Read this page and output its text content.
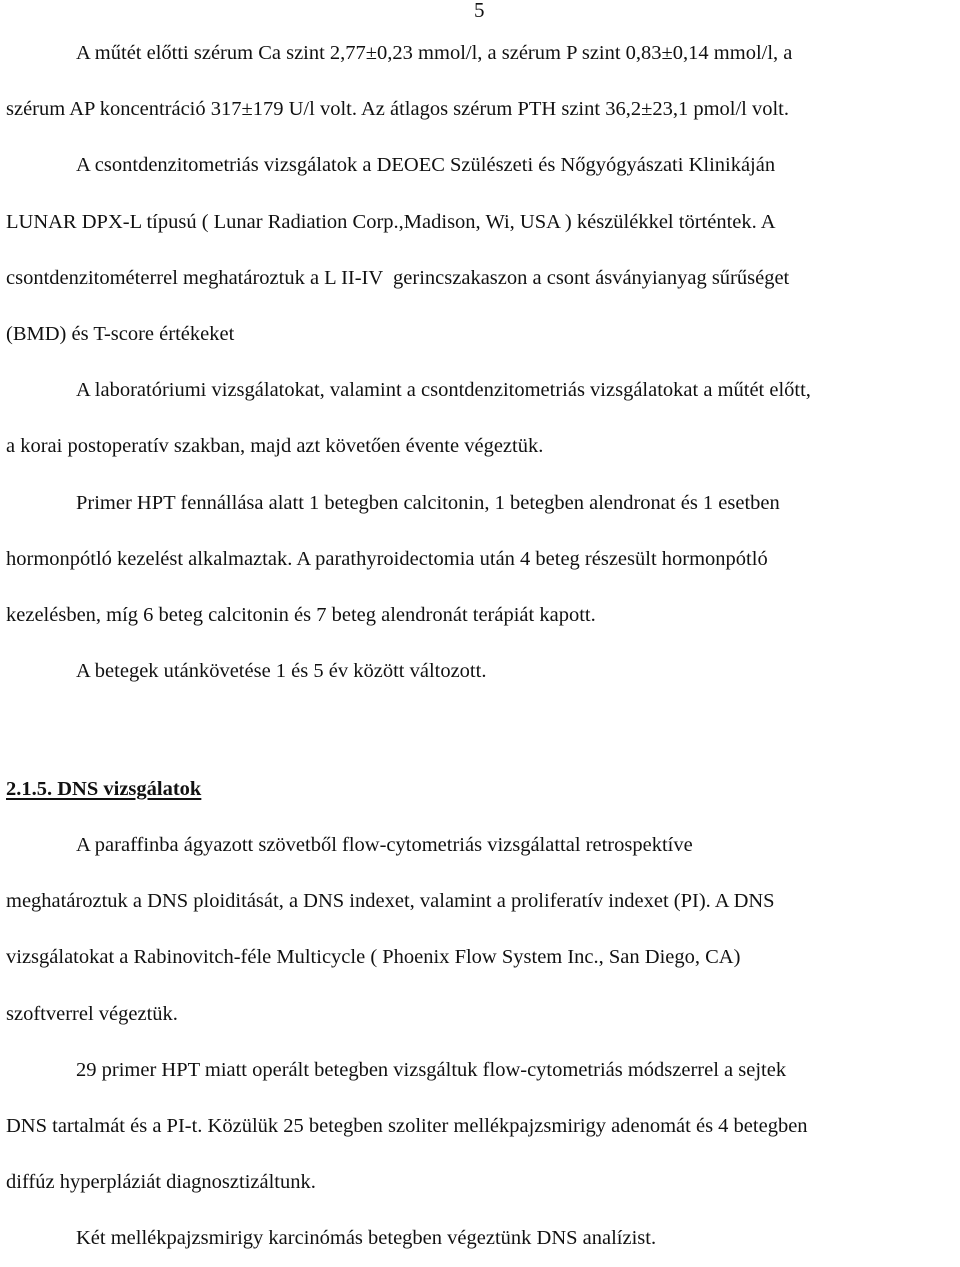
5
A műtét előtti szérum Ca szint 2,77±0,23 mmol/l, a szérum P szint 0,83±0,14 mmol/l, a
szérum AP koncentráció 317±179 U/l volt. Az átlagos szérum PTH szint 36,2±23,1 pmol/l volt.
A csontdenzitometriás vizsgálatok a DEOEC Szülészeti és Nőgyógyászati Klinikáján
LUNAR DPX-L típusú ( Lunar Radiation Corp.,Madison, Wi, USA ) készülékkel történtek. A
csontdenzitométerrel meghatároztuk a L II-IV  gerincszakaszon a csont ásványianyag sűrűséget
(BMD) és T-score értékeket
A laboratóriumi vizsgálatokat, valamint a csontdenzitometriás vizsgálatokat a műtét előtt,
a korai postoperatív szakban, majd azt követően évente végeztük.
Primer HPT fennállása alatt 1 betegben calcitonin, 1 betegben alendronat és 1 esetben
hormonpótló kezelést alkalmaztak. A parathyroidectomia után 4 beteg részesült hormonpótló
kezelésben, míg 6 beteg calcitonin és 7 beteg alendronát terápiát kapott.
A betegek utánkövetése 1 és 5 év között változott.
2.1.5. DNS vizsgálatok
A paraffinba ágyazott szövetből flow-cytometriás vizsgálattal retrospektíve
meghatároztuk a DNS ploiditását, a DNS indexet, valamint a proliferatív indexet (PI). A DNS
vizsgálatokat a Rabinovitch-féle Multicycle ( Phoenix Flow System Inc., San Diego, CA)
szoftverrel végeztük.
29 primer HPT miatt operált betegben vizsgáltuk flow-cytometriás módszerrel a sejtek
DNS tartalmát és a PI-t. Közülük 25 betegben szoliter mellékpajzsmirigy adenomát és 4 betegben
diffúz hyperpláziát diagnosztizáltunk.
Két mellékpajzsmirigy karcinómás betegben végeztünk DNS analízist.
